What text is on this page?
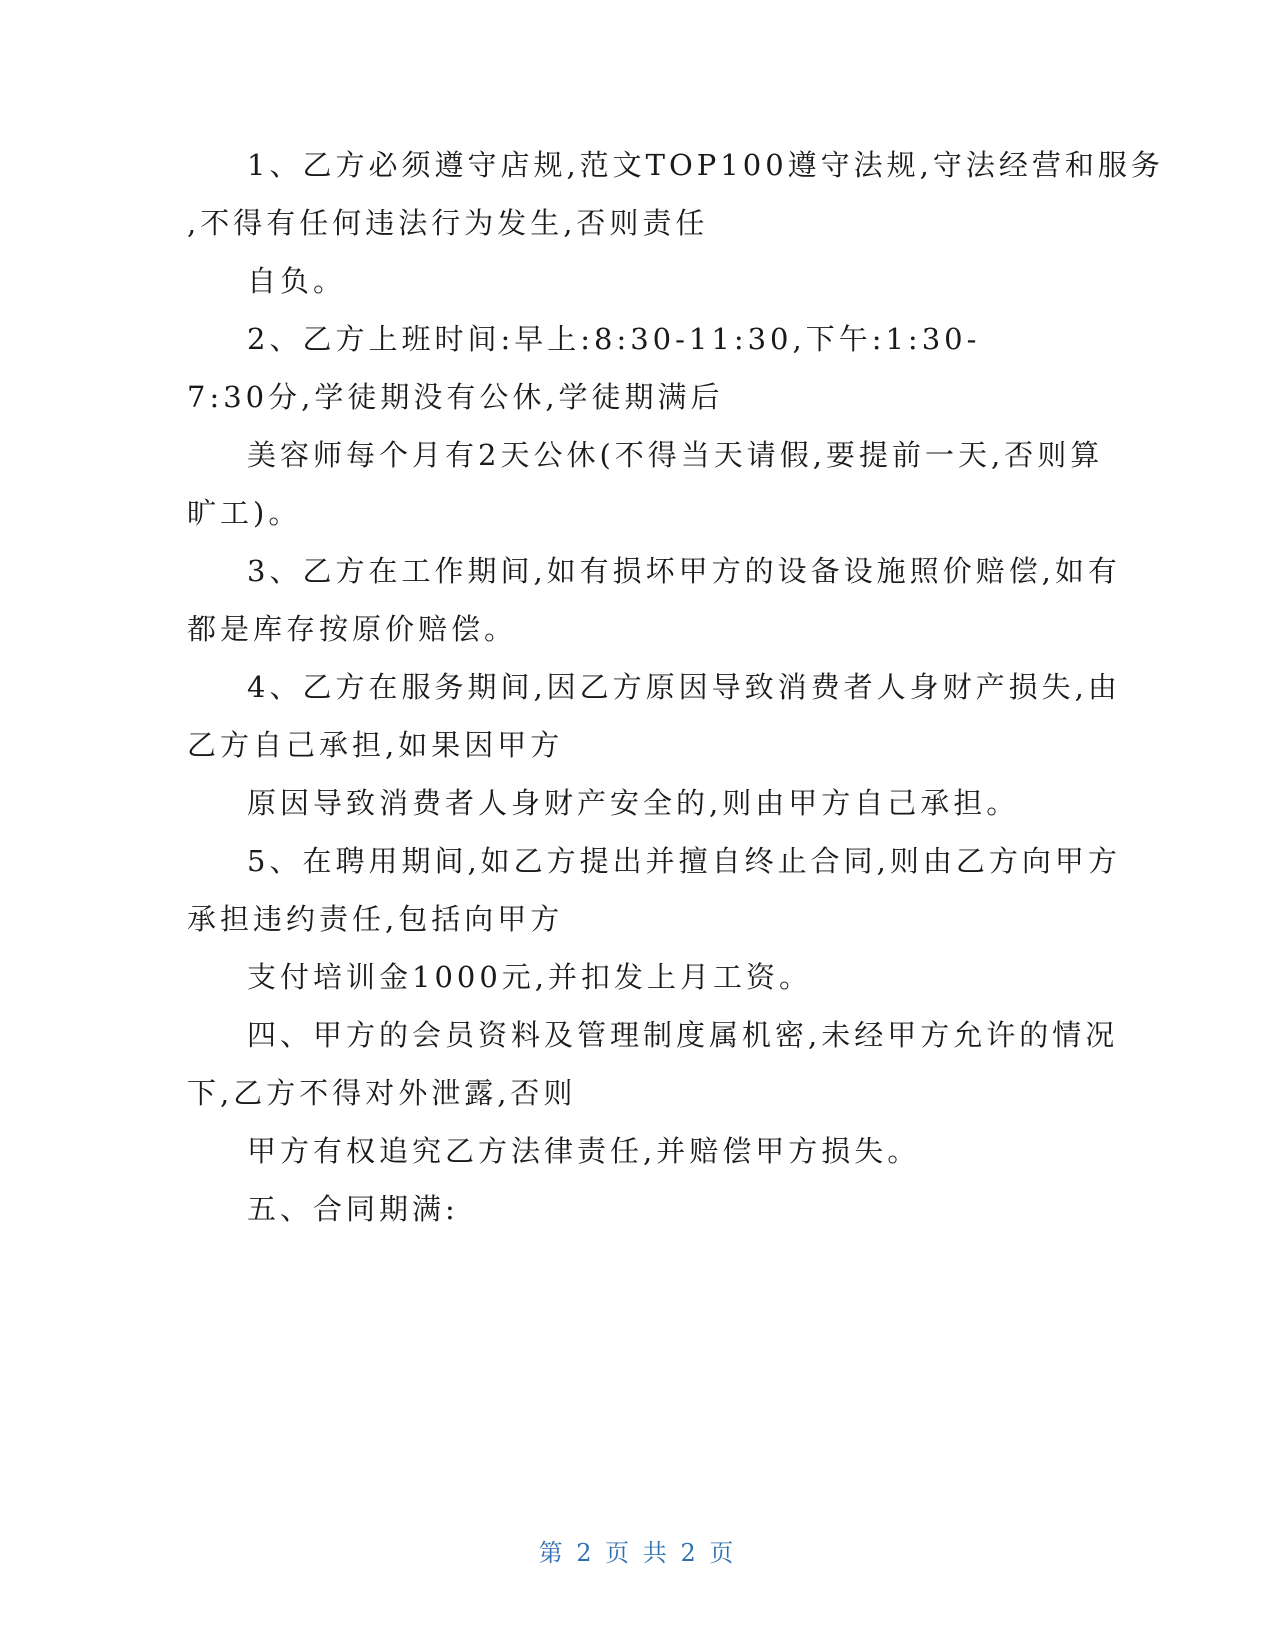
1、乙方必须遵守店规,范文TOP100遵守法规,守法经营和服务
,不得有任何违法行为发生,否则责任
自负。
2、乙方上班时间:早上:8:30-11:30,下午:1:30-
7:30分,学徒期没有公休,学徒期满后
美容师每个月有2天公休(不得当天请假,要提前一天,否则算
旷工)。
3、乙方在工作期间,如有损坏甲方的设备设施照价赔偿,如有
都是库存按原价赔偿。
4、乙方在服务期间,因乙方原因导致消费者人身财产损失,由
乙方自己承担,如果因甲方
原因导致消费者人身财产安全的,则由甲方自己承担。
5、在聘用期间,如乙方提出并擅自终止合同,则由乙方向甲方
承担违约责任,包括向甲方
支付培训金1000元,并扣发上月工资。
四、甲方的会员资料及管理制度属机密,未经甲方允许的情况
下,乙方不得对外泄露,否则
甲方有权追究乙方法律责任,并赔偿甲方损失。
五、合同期满:
第 2 页 共 2 页
